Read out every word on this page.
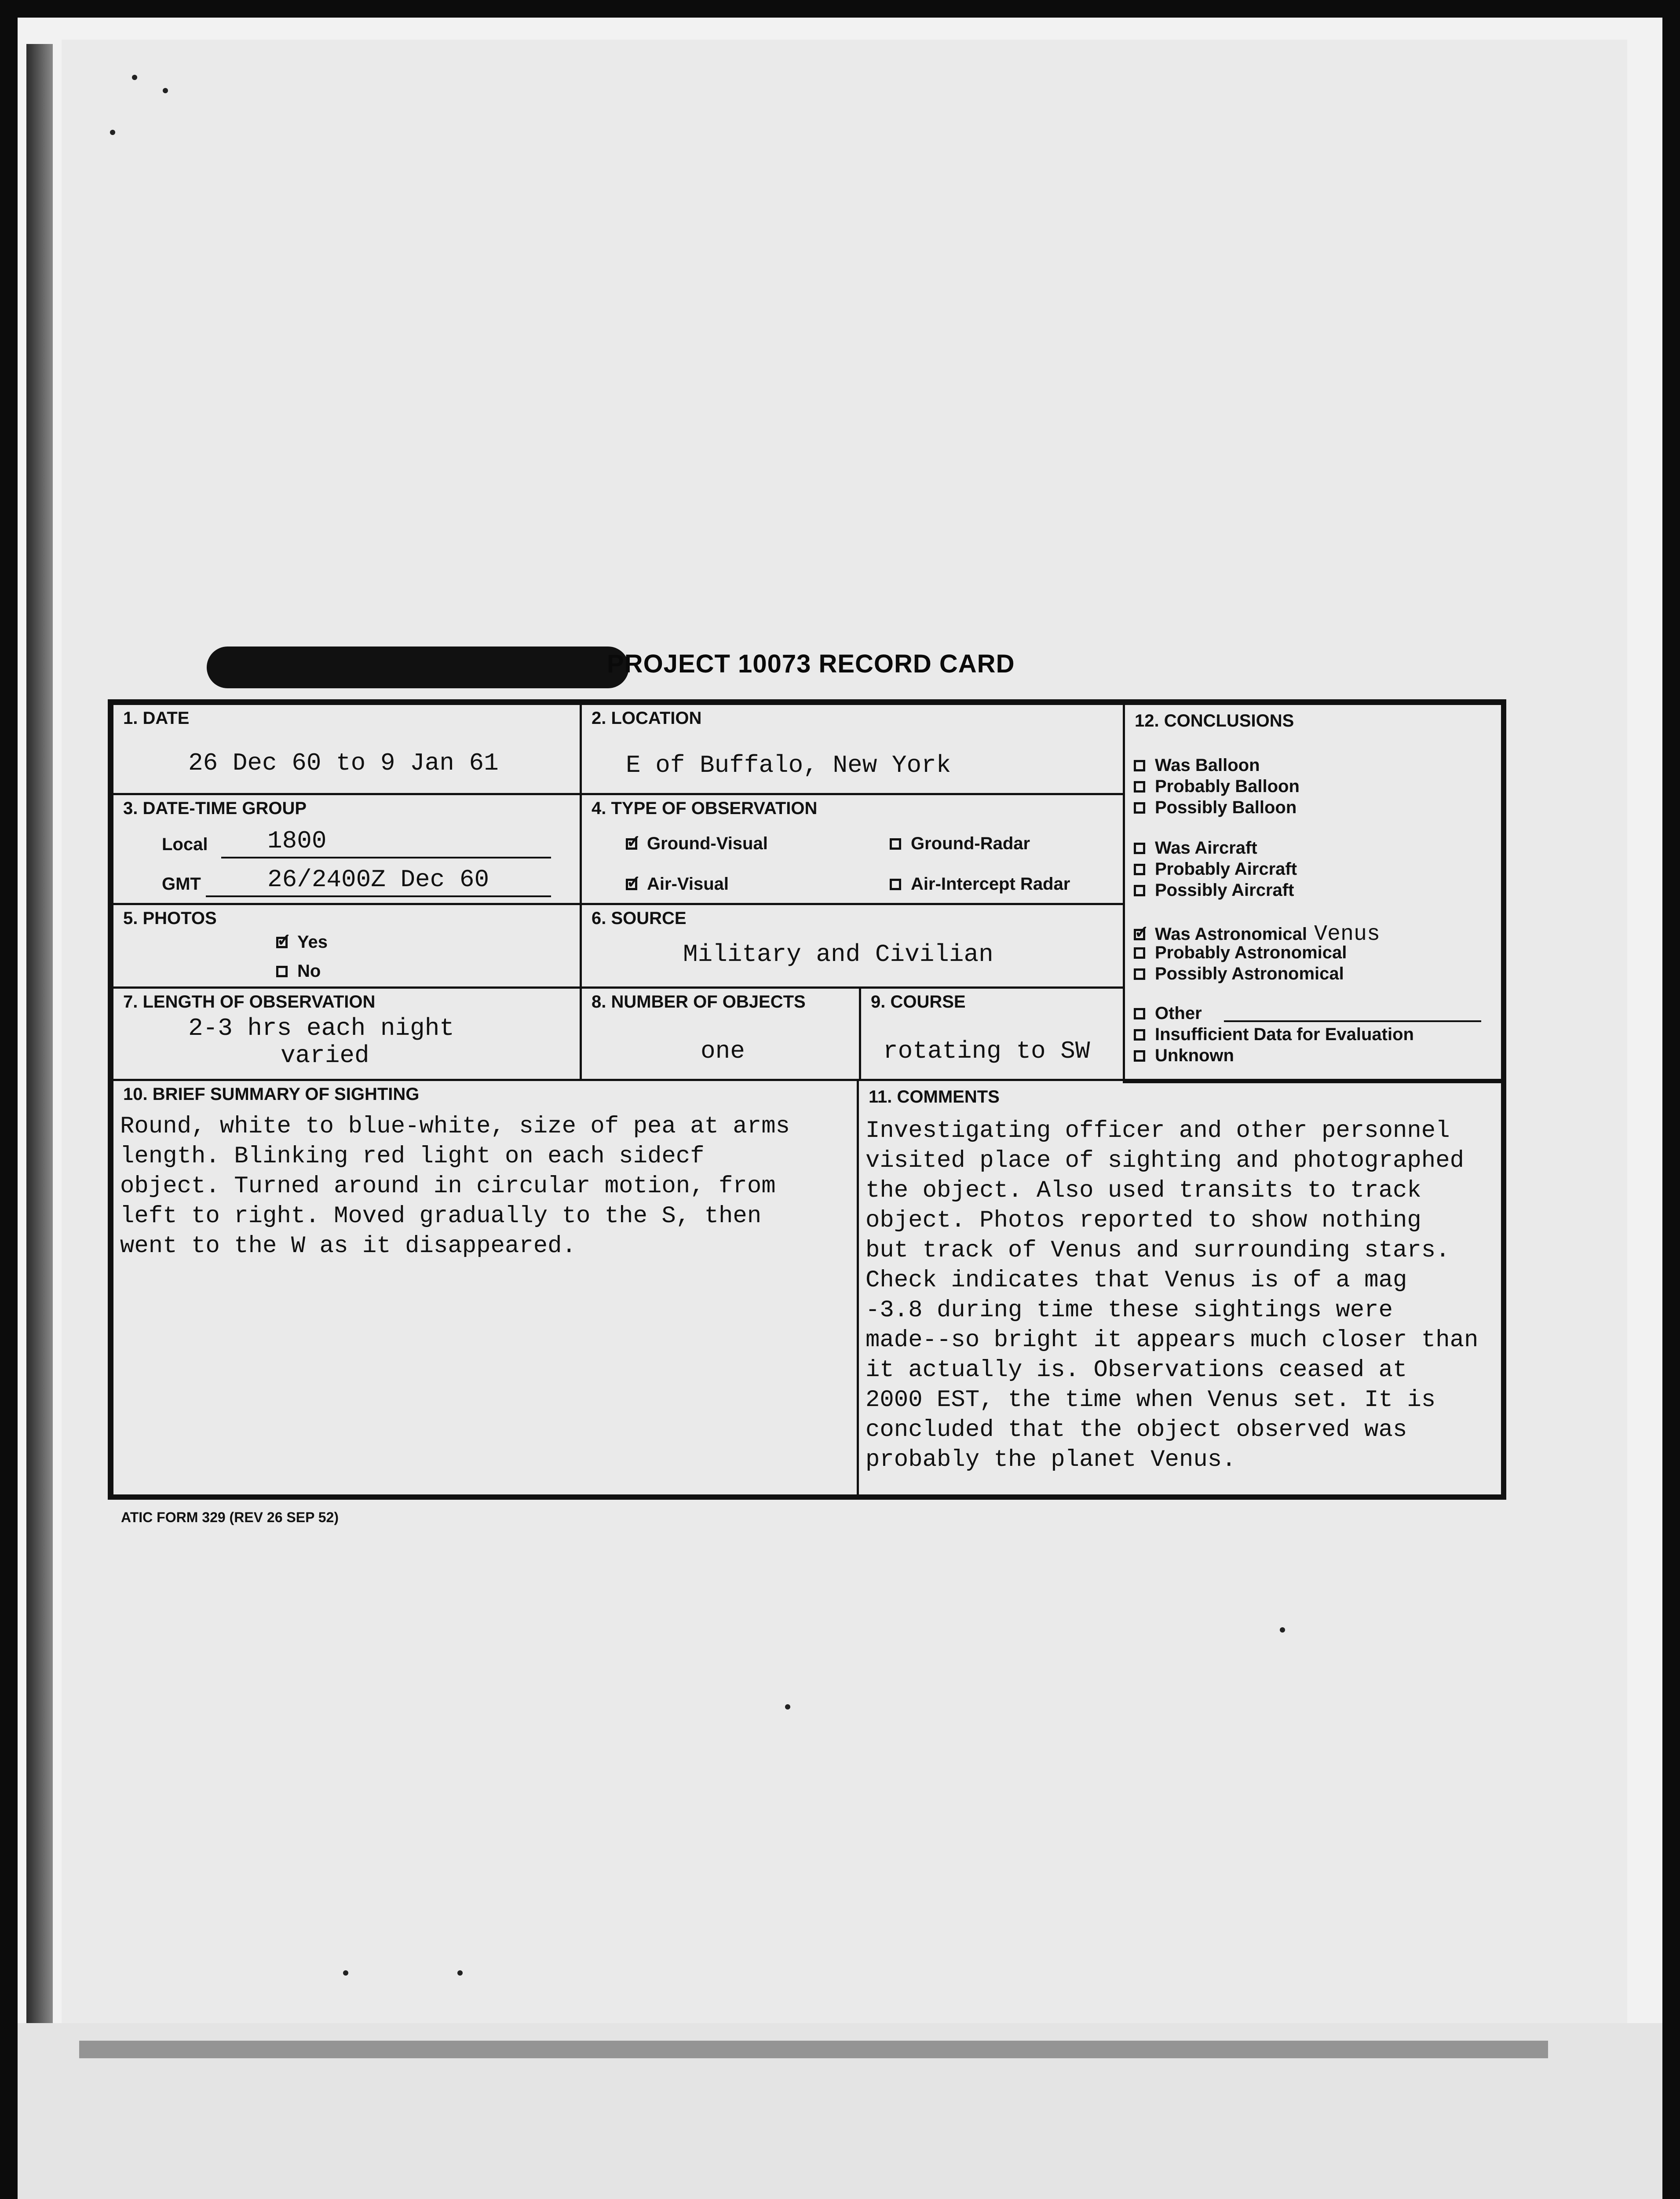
PROJECT 10073 RECORD CARD
1. DATE
26 Dec 60 to 9 Jan 61
2. LOCATION
E of Buffalo, New York
3. DATE-TIME GROUP
Local 1800
GMT	26/2400Z Dec 60
4. TYPE OF OBSERVATION
✓
Ground-Visual	Ground-Radar
✓
Air-Visual	Air-Intercept Radar
5. PHOTOS
✓
Yes
No
6. SOURCE
Military and Civilian
7. LENGTH OF OBSERVATION
2-3 hrs each night
varied
8. NUMBER OF OBJECTS
one
9. COURSE
rotating to SW
12. CONCLUSIONS
Was Balloon
Probably Balloon
Possibly Balloon
Was Aircraft
Probably Aircraft
Possibly Aircraft
✓
Was Astronomical Venus
Probably Astronomical
Possibly Astronomical
Other
Insufficient Data for Evaluation
Unknown
10. BRIEF SUMMARY OF SIGHTING
Round, white to blue-white, size of pea at arms
length. Blinking red light on each sidecf
object. Turned around in circular motion, from
left to right. Moved gradually to the S, then
went to the W as it disappeared.
11. COMMENTS
Investigating officer and other personnel
visited place of sighting and photographed
the object. Also used transits to track
object. Photos reported to show nothing
but track of Venus and surrounding stars.
Check indicates that Venus is of a mag
-3.8 during time these sightings were
made--so bright it appears much closer than
it actually is. Observations ceased at
2000 EST, the time when Venus set. It is
concluded that the object observed was
probably the planet Venus.
ATIC FORM 329 (REV 26 SEP 52)
